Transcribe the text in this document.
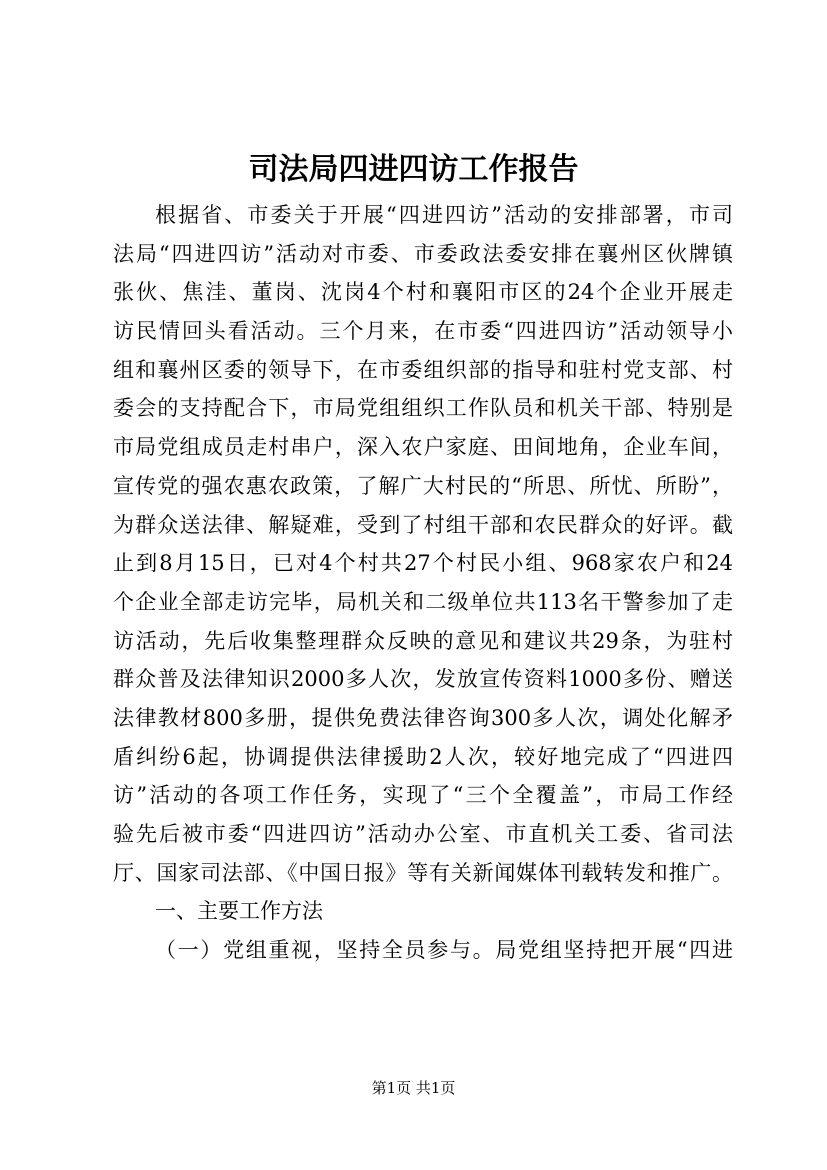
司法局四进四访工作报告
根据省、市委关于开展“四进四访”活动的安排部署，市司
法局“四进四访”活动对市委、市委政法委安排在襄州区伙牌镇
张伙、焦洼、董岗、沈岗4个村和襄阳市区的24个企业开展走
访民情回头看活动。三个月来，在市委“四进四访”活动领导小
组和襄州区委的领导下，在市委组织部的指导和驻村党支部、村
委会的支持配合下，市局党组组织工作队员和机关干部、特别是
市局党组成员走村串户，深入农户家庭、田间地角，企业车间，
宣传党的强农惠农政策，了解广大村民的“所思、所忧、所盼”，
为群众送法律、解疑难，受到了村组干部和农民群众的好评。截
止到8月15日，已对4个村共27个村民小组、968家农户和24
个企业全部走访完毕，局机关和二级单位共113名干警参加了走
访活动，先后收集整理群众反映的意见和建议共29条，为驻村
群众普及法律知识2000多人次，发放宣传资料1000多份、赠送
法律教材800多册，提供免费法律咨询300多人次，调处化解矛
盾纠纷6起，协调提供法律援助2人次，较好地完成了“四进四
访”活动的各项工作任务，实现了“三个全覆盖”，市局工作经
验先后被市委“四进四访”活动办公室、市直机关工委、省司法
厅、国家司法部、《中国日报》等有关新闻媒体刊载转发和推广。
一、主要工作方法
（一）党组重视，坚持全员参与。局党组坚持把开展“四进
第1页 共1页
